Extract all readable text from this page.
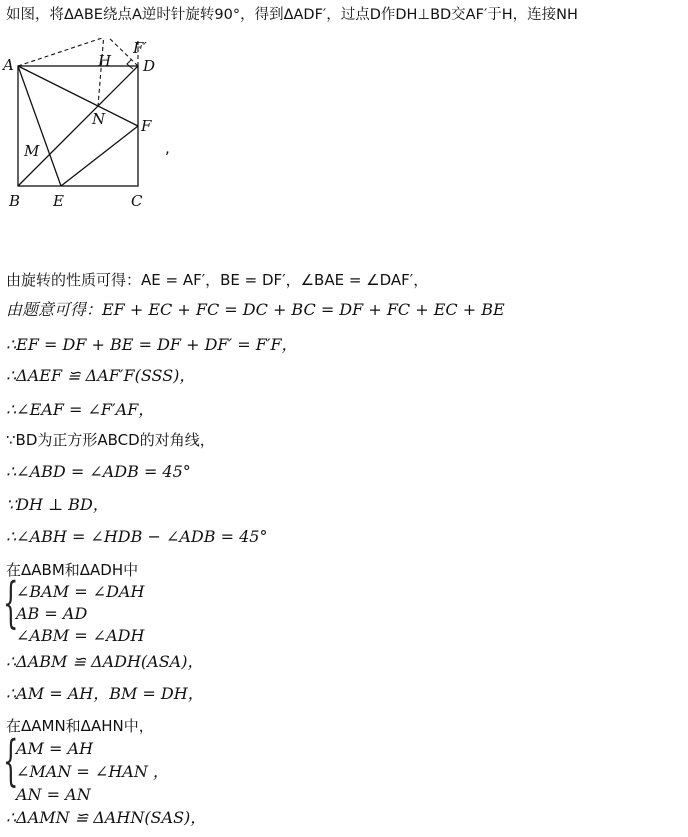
如图，将ΔABE绕点A逆时针旋转90°，得到ΔADF′，过点D作DH⊥BD交AF′于H，连接NH
A	D
B E	C
F
H
F′
M
N
,
由旋转的性质可得：AE = AF′，BE = DF′，∠BAE = ∠DAF′，
由题意可得：EF + EC + FC = DC + BC = DF + FC + EC + BE
∴EF = DF + BE = DF + DF′ = F′F，
∴ΔAEF ≌ ΔAF′F(SSS)，
∴∠EAF = ∠F′AF，
∵BD为正方形ABCD的对角线，
∴∠ABD = ∠ADB = 45°
∵DH ⊥ BD，
∴∠ABH = ∠HDB − ∠ADB = 45°
在ΔABM和ΔADH中
{
∠BAM = ∠DAH
AB = AD
∠ABM = ∠ADH
∴ΔABM ≌ ΔADH(ASA)，
∴AM = AH，BM = DH，
在ΔAMN和ΔAHN中，
{
AM = AH
∠MAN = ∠HAN ，
AN = AN
∴ΔAMN ≌ ΔAHN(SAS)，
